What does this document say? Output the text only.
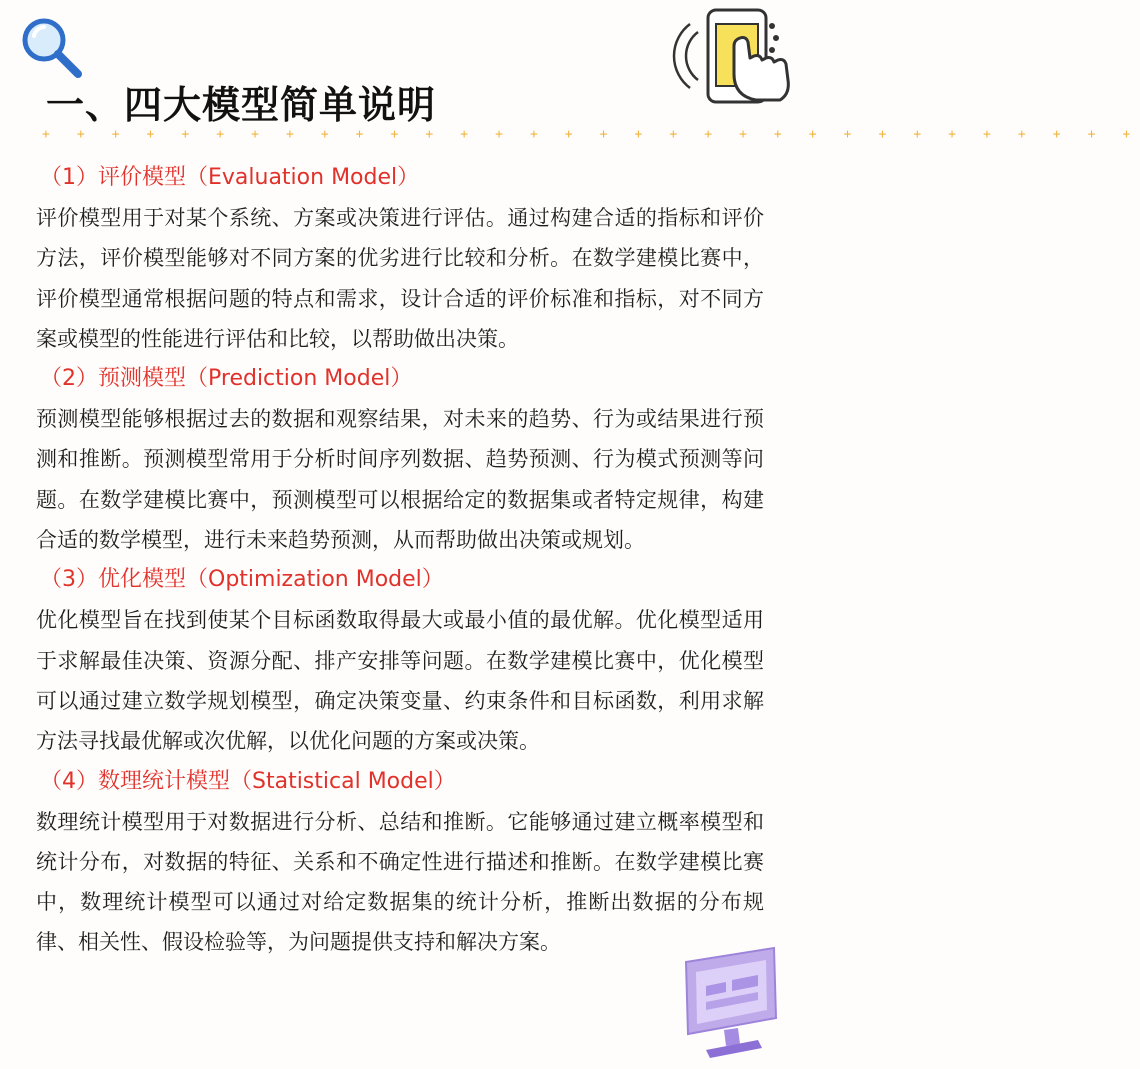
一、四大模型简单说明
+ + + + + + + + + + + + + + + + + + + + + + + + + + + + + + + +
（1）评价模型（Evaluation Model）

评价模型用于对某个系统、方案或决策进行评估。通过构建合适的指标和评价方法，评价模型能够对不同方案的优劣进行比较和分析。在数学建模比赛中，评价模型通常根据问题的特点和需求，设计合适的评价标准和指标，对不同方案或模型的性能进行评估和比较，以帮助做出决策。

（2）预测模型（Prediction Model）

预测模型能够根据过去的数据和观察结果，对未来的趋势、行为或结果进行预测和推断。预测模型常用于分析时间序列数据、趋势预测、行为模式预测等问题。在数学建模比赛中，预测模型可以根据给定的数据集或者特定规律，构建合适的数学模型，进行未来趋势预测，从而帮助做出决策或规划。

（3）优化模型（Optimization Model）

优化模型旨在找到使某个目标函数取得最大或最小值的最优解。优化模型适用于求解最佳决策、资源分配、排产安排等问题。在数学建模比赛中，优化模型可以通过建立数学规划模型，确定决策变量、约束条件和目标函数，利用求解方法寻找最优解或次优解，以优化问题的方案或决策。

（4）数理统计模型（Statistical Model）

数理统计模型用于对数据进行分析、总结和推断。它能够通过建立概率模型和统计分布，对数据的特征、关系和不确定性进行描述和推断。在数学建模比赛中，数理统计模型可以通过对给定数据集的统计分析，推断出数据的分布规律、相关性、假设检验等，为问题提供支持和解决方案。
